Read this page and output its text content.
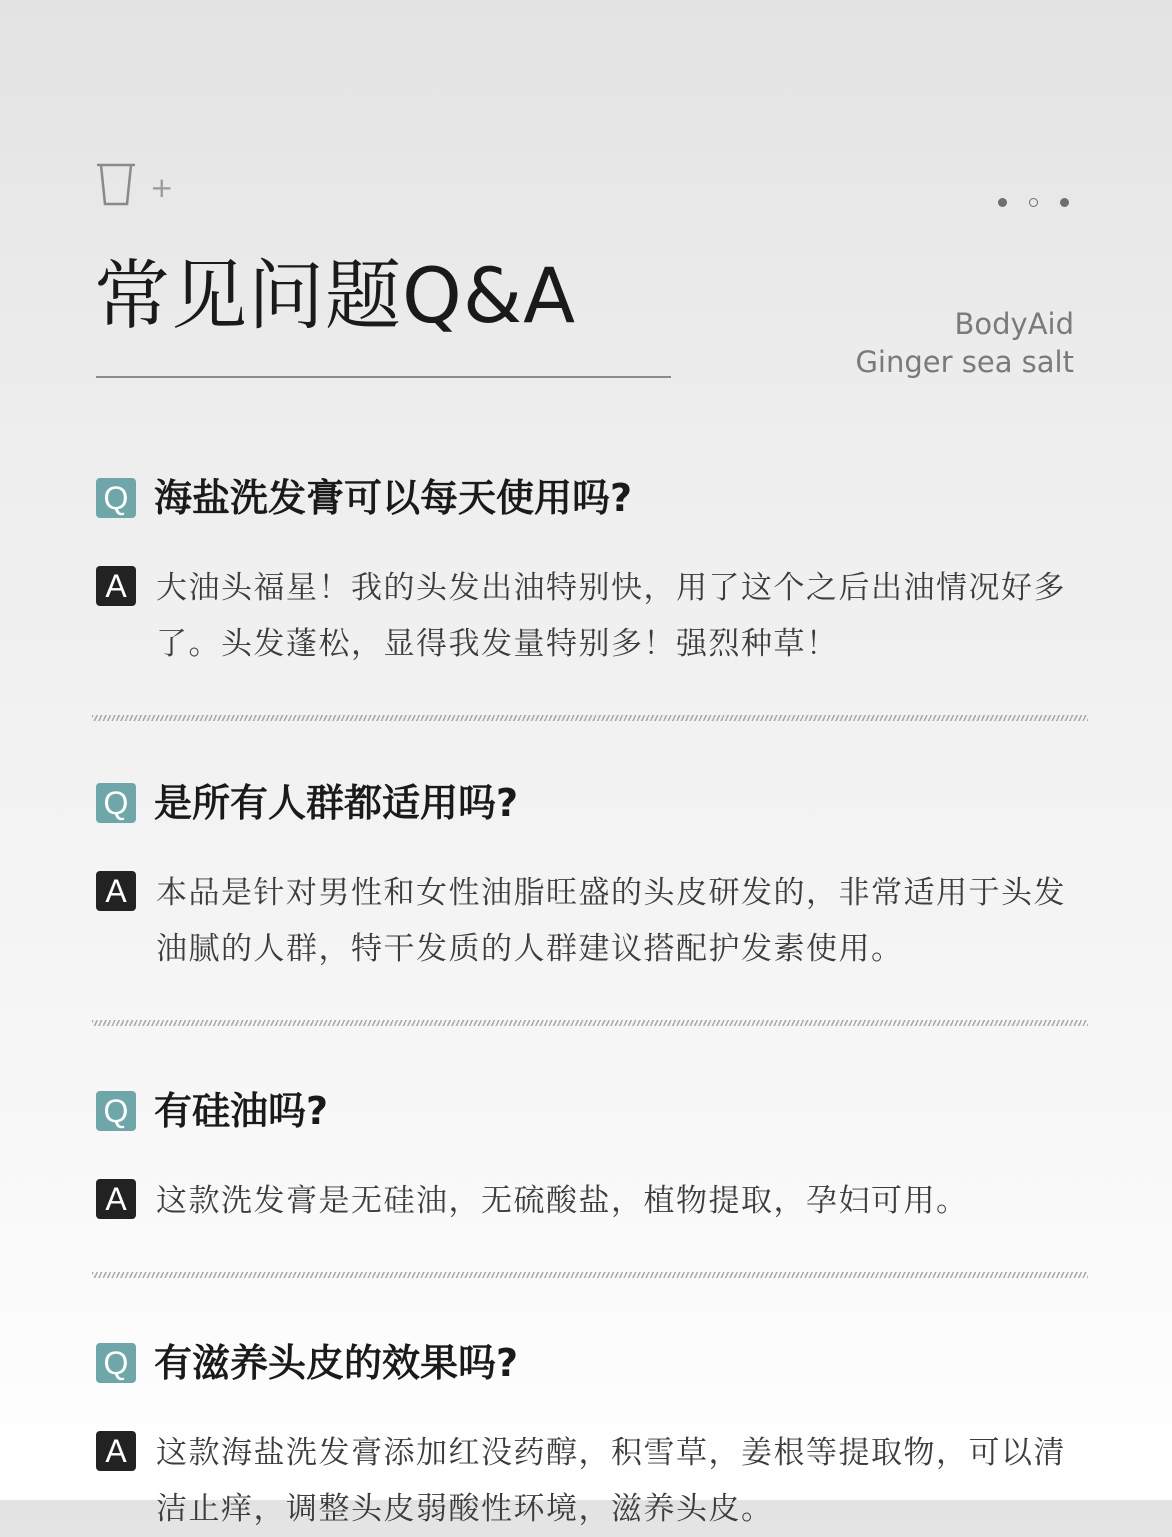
+
常见问题Q&A	BodyAid
Ginger sea salt
Q 海盐洗发膏可以每天使用吗?
A 大油头福星！我的头发出油特别快，用了这个之后出油情况好多了。头发蓬松，显得我发量特别多！强烈种草！
Q 是所有人群都适用吗?
A 本品是针对男性和女性油脂旺盛的头皮研发的，非常适用于头发油腻的人群，特干发质的人群建议搭配护发素使用。
Q 有硅油吗?
A 这款洗发膏是无硅油，无硫酸盐，植物提取，孕妇可用。
Q 有滋养头皮的效果吗?
A 这款海盐洗发膏添加红没药醇，积雪草，姜根等提取物，可以清洁止痒，调整头皮弱酸性环境，滋养头皮。
